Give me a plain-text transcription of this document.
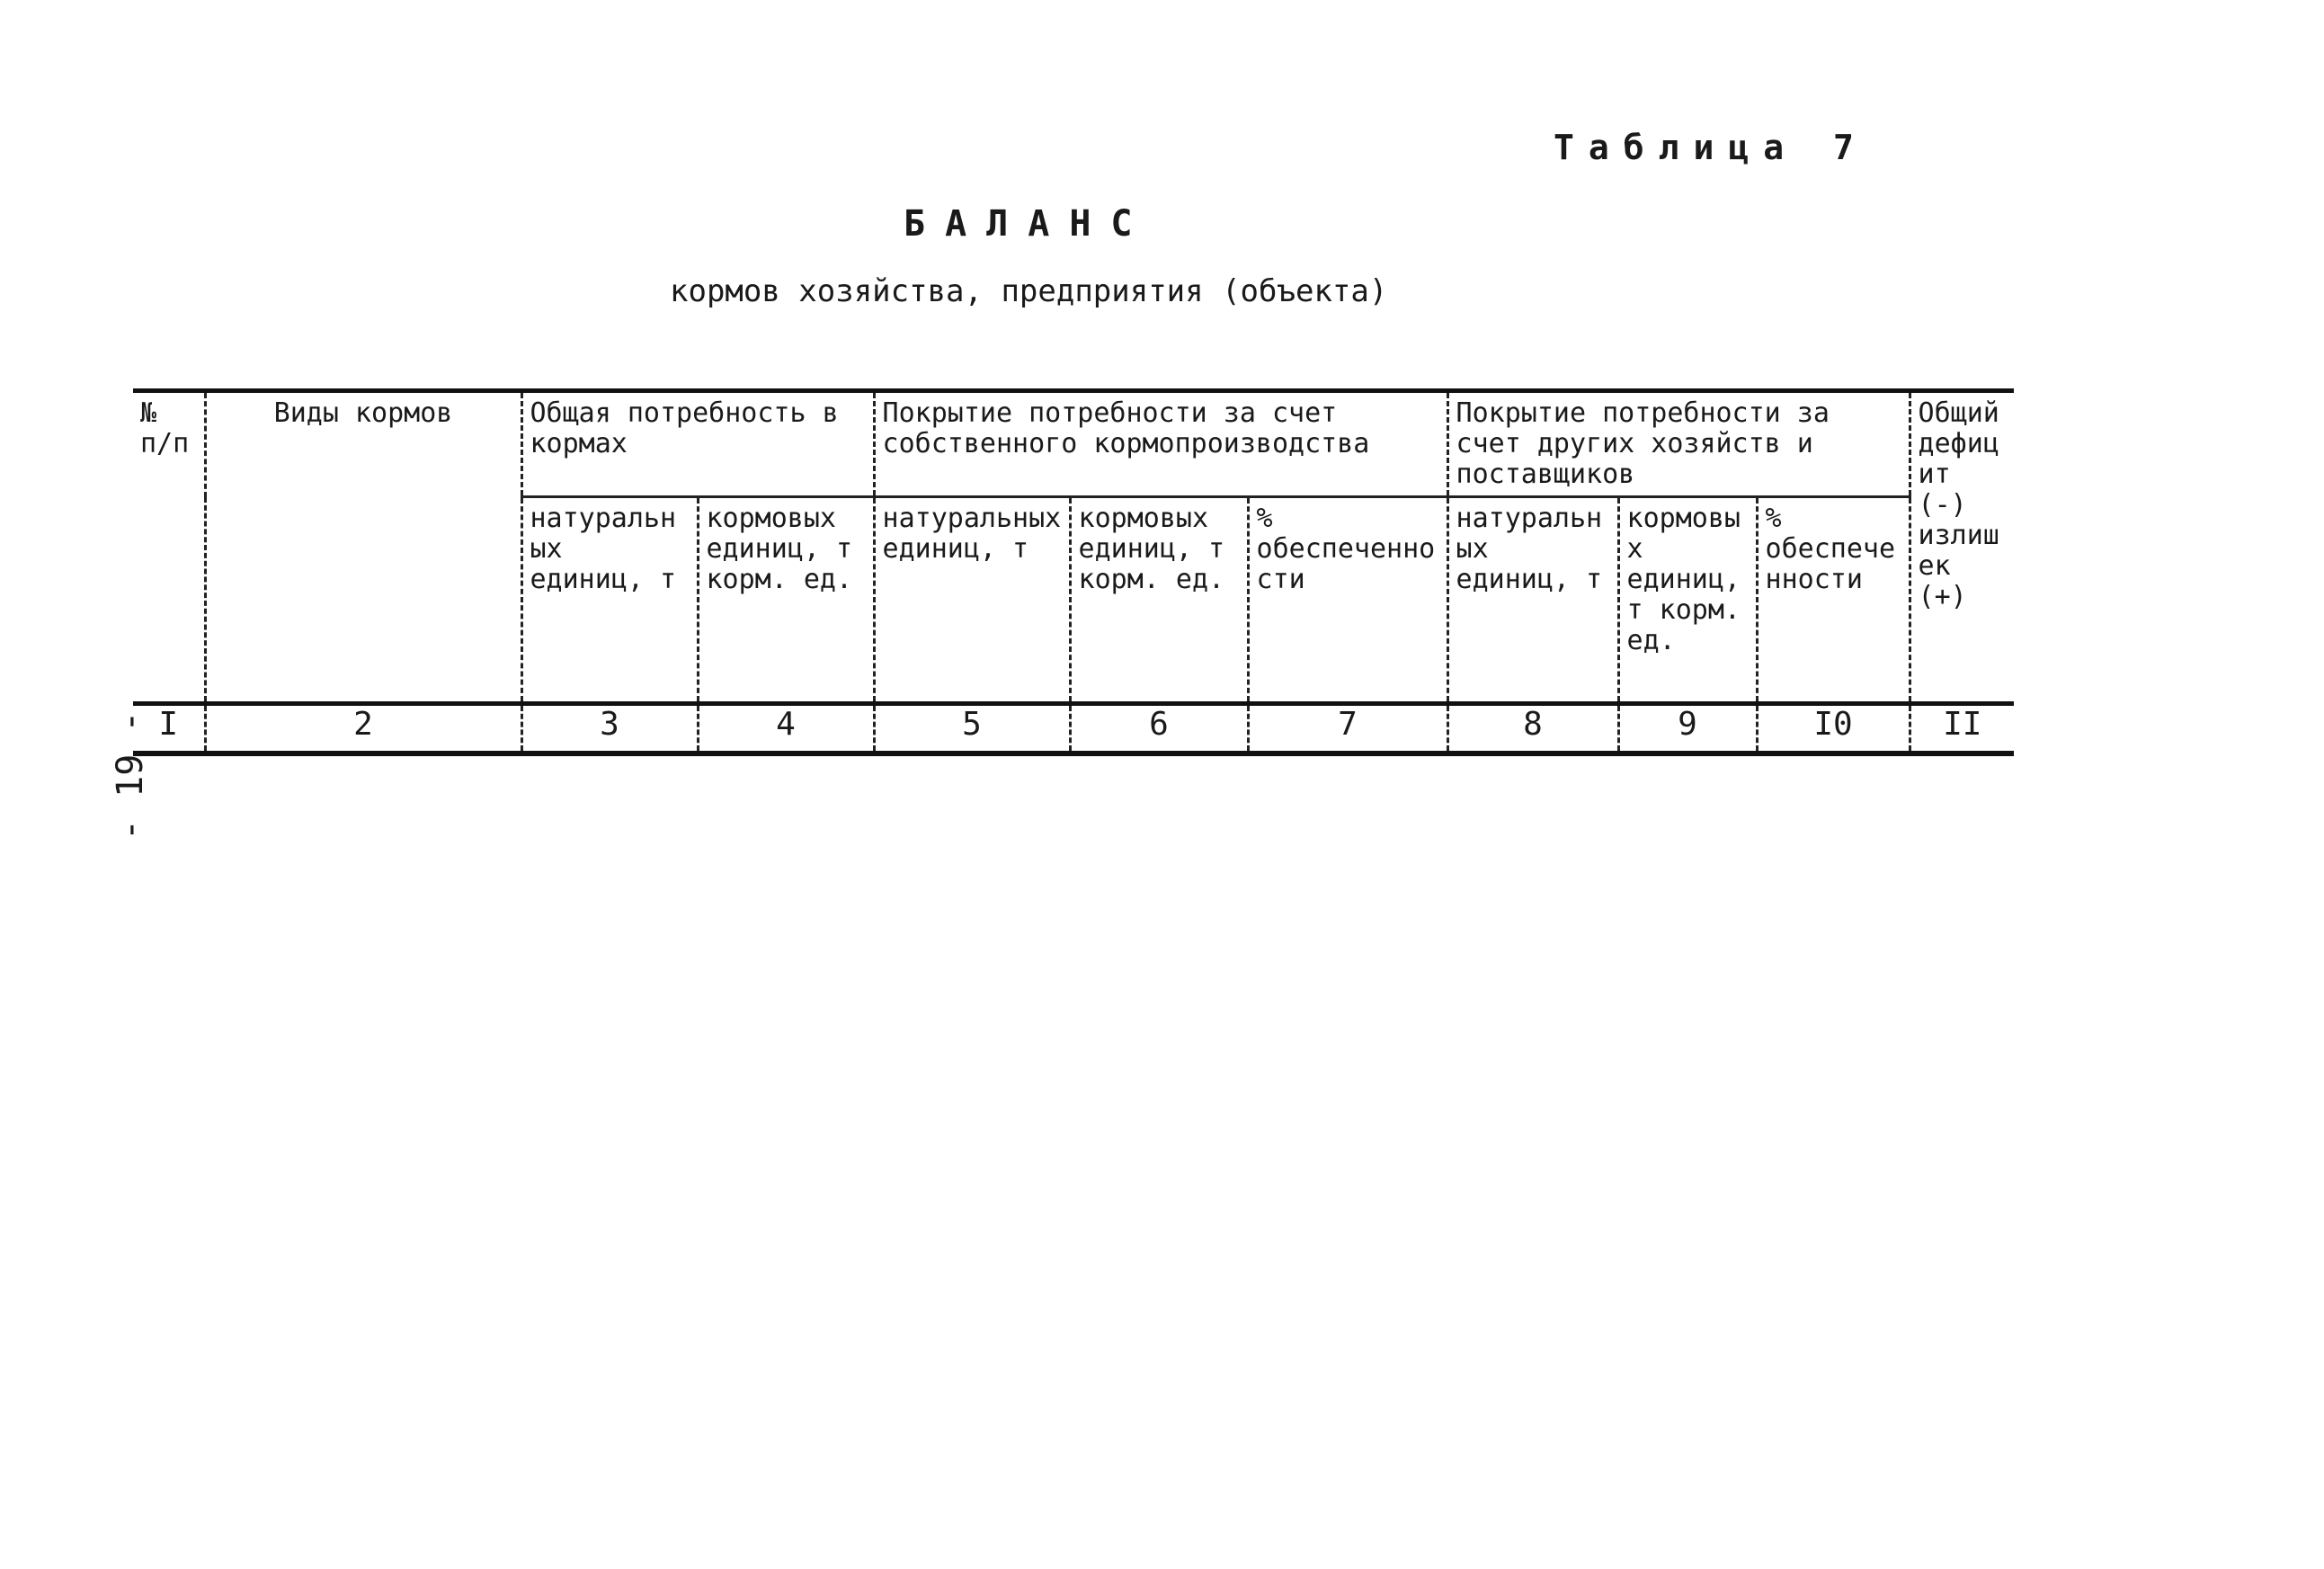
Таблица 7
БАЛАНС
кормов хозяйства, предприятия (объекта)
№ п/п	Виды кормов	Общая потребность в кормах		Покрытие потребности за счет собственного кормопроизводства			Покрытие потребности за счет других хозяйств и поставщиков			Общий дефицит (-) излишек (+)
		натуральных единиц, т	кормовых единиц, т корм. ед.	натуральных единиц, т	кормовых единиц, т корм. ед.	% обеспеченности	натуральных единиц, т	кормовых единиц, т корм. ед.	% обеспеченности	
I	2	3	4	5	6	7	8	9	I0	II
- 19 -
